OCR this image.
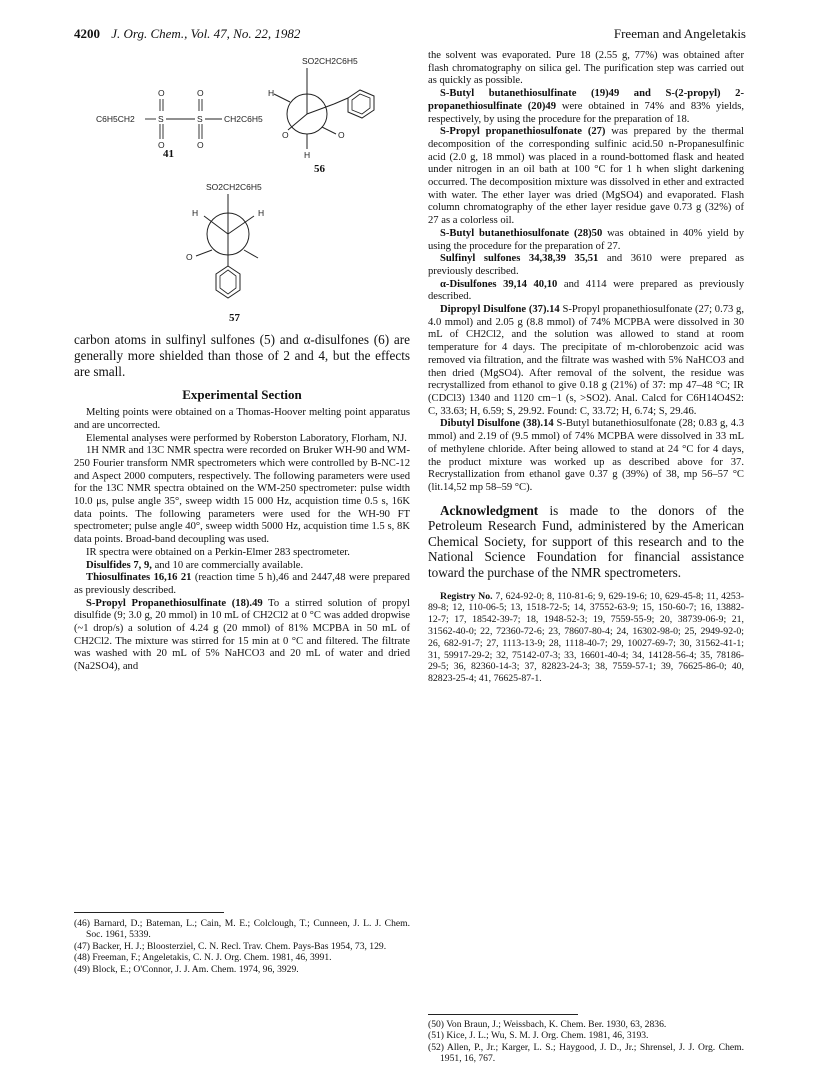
4200 J. Org. Chem., Vol. 47, No. 22, 1982	Freeman and Angeletakis
C6H5CH2	S	S	CH2C6H5
O	O
O	O
41
SO2CH2C6H5
H
O	O
H
56
SO2CH2C6H5
H	H
O
57

carbon atoms in sulfinyl sulfones (5) and α-disulfones (6) are generally more shielded than those of 2 and 4, but the effects are small.

Experimental Section

Melting points were obtained on a Thomas-Hoover melting point apparatus and are uncorrected.

Elemental analyses were performed by Roberston Laboratory, Florham, NJ.

1H NMR and 13C NMR spectra were recorded on Bruker WH-90 and WM-250 Fourier transform NMR spectrometers which were controlled by B-NC-12 and Aspect 2000 computers, respectively. The following parameters were used for the 13C NMR spectra obtained on the WM-250 spectrometer: pulse width 10.0 μs, pulse angle 35°, sweep width 15 000 Hz, acquistion time 0.5 s, 16K data points. The following parameters were used for the WH-90 FT spectrometer; pulse angle 40°, sweep width 5000 Hz, acquistion time 1.5 s, 8K data points. Broad-band decoupling was used.

IR spectra were obtained on a Perkin-Elmer 283 spectrometer.

Disulfides 7, 9, and 10 are commercially available.

Thiosulfinates 16,16 21 (reaction time 5 h),46 and 2447,48 were prepared as previously described.

S-Propyl Propanethiosulfinate (18).49 To a stirred solution of propyl disulfide (9; 3.0 g, 20 mmol) in 10 mL of CH2Cl2 at 0 °C was added dropwise (~1 drop/s) a solution of 4.24 g (20 mmol) of 81% MCPBA in 50 mL of CH2Cl2. The mixture was stirred for 15 min at 0 °C and filtered. The filtrate was washed with 20 mL of 5% NaHCO3 and 20 mL of water and dried (Na2SO4), and

(46) Barnard, D.; Bateman, L.; Cain, M. E.; Colclough, T.; Cunneen, J. L. J. Chem. Soc. 1961, 5339.

(47) Backer, H. J.; Bloosterziel, C. N. Recl. Trav. Chem. Pays-Bas 1954, 73, 129.

(48) Freeman, F.; Angeletakis, C. N. J. Org. Chem. 1981, 46, 3991.

(49) Block, E.; O'Connor, J. J. Am. Chem. 1974, 96, 3929.

the solvent was evaporated. Pure 18 (2.55 g, 77%) was obtained after flash chromatography on silica gel. The purification step was carried out as quickly as possible.

S-Butyl butanethiosulfinate (19)49 and S-(2-propyl) 2-propanethiosulfinate (20)49 were obtained in 74% and 83% yields, respectively, by using the procedure for the preparation of 18.

S-Propyl propanethiosulfonate (27) was prepared by the thermal decomposition of the corresponding sulfinic acid.50 n-Propanesulfinic acid (2.0 g, 18 mmol) was placed in a round-bottomed flask and heated under nitrogen in an oil bath at 100 °C for 1 h when slight darkening occurred. The decomposition mixture was dissolved in ether and extracted with water. The ether layer was dried (MgSO4) and evaporated. Flash column chromatography of the ether layer residue gave 0.73 g (32%) of 27 as a colorless oil.

S-Butyl butanethiosulfonate (28)50 was obtained in 40% yield by using the procedure for the preparation of 27.

Sulfinyl sulfones 34,38,39 35,51 and 3610 were prepared as previously described.

α-Disulfones 39,14 40,10 and 4114 were prepared as previously described.

Dipropyl Disulfone (37).14 S-Propyl propanethiosulfonate (27; 0.73 g, 4.0 mmol) and 2.05 g (8.8 mmol) of 74% MCPBA were dissolved in 30 mL of CH2Cl2, and the solution was allowed to stand at room temperature for 4 days. The precipitate of m-chlorobenzoic acid was removed via filtration, and the filtrate was washed with 5% NaHCO3 and then dried (MgSO4). After removal of the solvent, the residue was recrystallized from ethanol to give 0.18 g (21%) of 37: mp 47–48 °C; IR (CDCl3) 1340 and 1120 cm−1 (s, >SO2). Anal. Calcd for C6H14O4S2: C, 33.63; H, 6.59; S, 29.92. Found: C, 33.72; H, 6.74; S, 29.46.

Dibutyl Disulfone (38).14 S-Butyl butanethiosulfonate (28; 0.83 g, 4.3 mmol) and 2.19 of (9.5 mmol) of 74% MCPBA were dissolved in 33 mL of methylene chloride. After being allowed to stand at 24 °C for 4 days, the product mixture was worked up as described above for 37. Recrystallization from ethanol gave 0.37 g (39%) of 38, mp 56–57 °C (lit.14,52 mp 58–59 °C).

Acknowledgment is made to the donors of the Petroleum Research Fund, administered by the American Chemical Society, for support of this research and to the National Science Foundation for financial assistance toward the purchase of the NMR spectrometers.

Registry No. 7, 624-92-0; 8, 110-81-6; 9, 629-19-6; 10, 629-45-8; 11, 4253-89-8; 12, 110-06-5; 13, 1518-72-5; 14, 37552-63-9; 15, 150-60-7; 16, 13882-12-7; 17, 18542-39-7; 18, 1948-52-3; 19, 7559-55-9; 20, 38739-06-9; 21, 31562-40-0; 22, 72360-72-6; 23, 78607-80-4; 24, 16302-98-0; 25, 2949-92-0; 26, 682-91-7; 27, 1113-13-9; 28, 1118-40-7; 29, 10027-69-7; 30, 31562-41-1; 31, 59917-29-2; 32, 75142-07-3; 33, 16601-40-4; 34, 14128-56-4; 35, 78186-29-5; 36, 82360-14-3; 37, 82823-24-3; 38, 7559-57-1; 39, 76625-86-0; 40, 82823-25-4; 41, 76625-87-1.

(50) Von Braun, J.; Weissbach, K. Chem. Ber. 1930, 63, 2836.

(51) Kice, J. L.; Wu, S. M. J. Org. Chem. 1981, 46, 3193.

(52) Allen, P., Jr.; Karger, L. S.; Haygood, J. D., Jr.; Shrensel, J. J. Org. Chem. 1951, 16, 767.
